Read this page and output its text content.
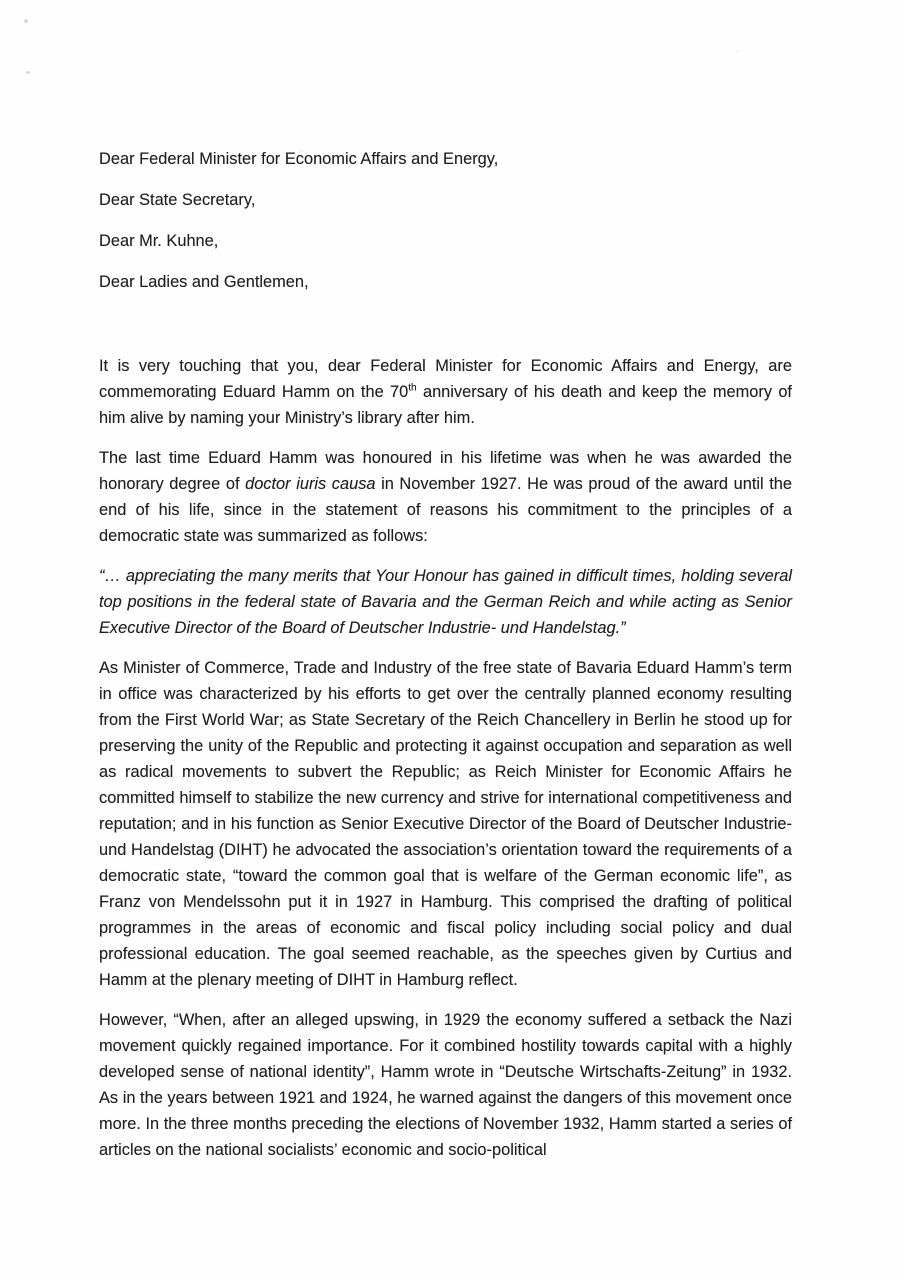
Dear Federal Minister for Economic Affairs and Energy,

Dear State Secretary,

Dear Mr. Kuhne,

Dear Ladies and Gentlemen,

It is very touching that you, dear Federal Minister for Economic Affairs and Energy, are commemorating Eduard Hamm on the 70th anniversary of his death and keep the memory of him alive by naming your Ministry’s library after him.

The last time Eduard Hamm was honoured in his lifetime was when he was awarded the honorary degree of doctor iuris causa in November 1927. He was proud of the award until the end of his life, since in the statement of reasons his commitment to the principles of a democratic state was summarized as follows:

“… appreciating the many merits that Your Honour has gained in difficult times, holding several top positions in the federal state of Bavaria and the German Reich and while acting as Senior Executive Director of the Board of Deutscher Industrie- und Handelstag.”

As Minister of Commerce, Trade and Industry of the free state of Bavaria Eduard Hamm’s term in office was characterized by his efforts to get over the centrally planned economy resulting from the First World War; as State Secretary of the Reich Chancellery in Berlin he stood up for preserving the unity of the Republic and protecting it against occupation and separation as well as radical movements to subvert the Republic; as Reich Minister for Economic Affairs he committed himself to stabilize the new currency and strive for international competitiveness and reputation; and in his function as Senior Executive Director of the Board of Deutscher Industrie- und Handelstag (DIHT) he advocated the association’s orientation toward the requirements of a democratic state, “toward the common goal that is welfare of the German economic life”, as Franz von Mendelssohn put it in 1927 in Hamburg. This comprised the drafting of political programmes in the areas of economic and fiscal policy including social policy and dual professional education. The goal seemed reachable, as the speeches given by Curtius and Hamm at the plenary meeting of DIHT in Hamburg reflect.

However, “When, after an alleged upswing, in 1929 the economy suffered a setback the Nazi movement quickly regained importance. For it combined hostility towards capital with a highly developed sense of national identity”, Hamm wrote in “Deutsche Wirtschafts-Zeitung” in 1932. As in the years between 1921 and 1924, he warned against the dangers of this movement once more. In the three months preceding the elections of November 1932, Hamm started a series of articles on the national socialists’ economic and socio-political
